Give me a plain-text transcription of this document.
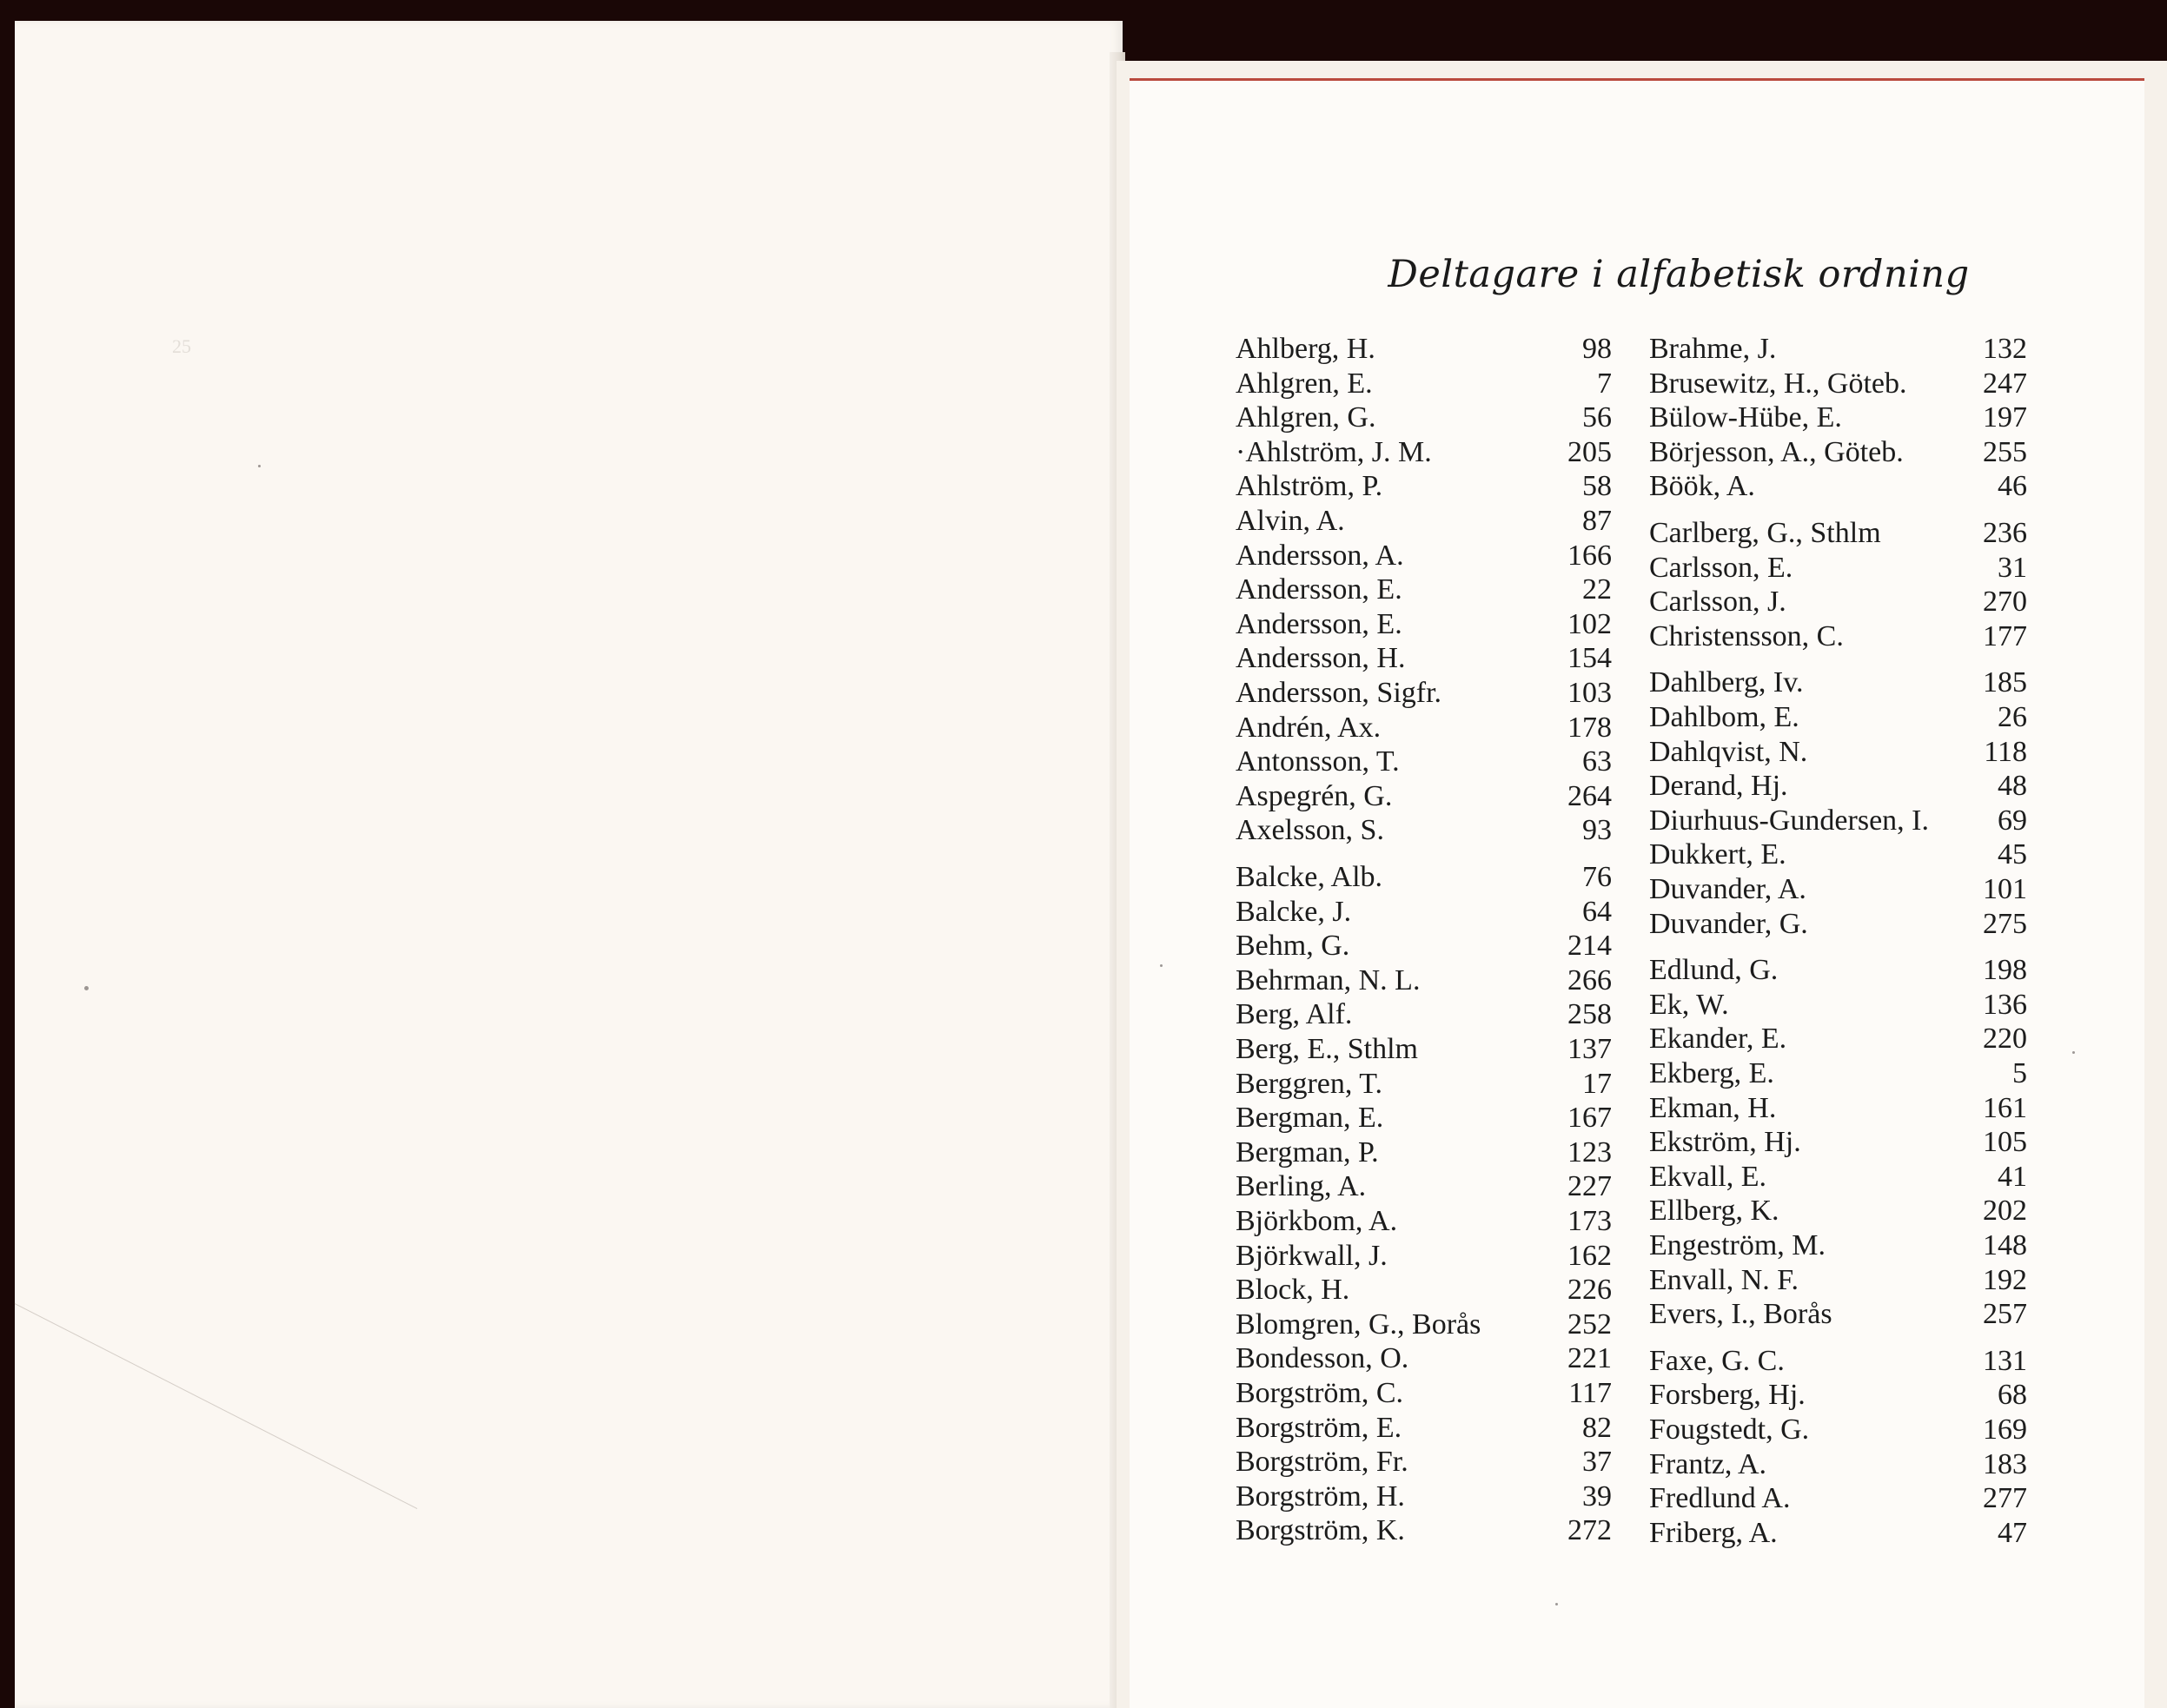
25
Deltagare i alfabetisk ordning
Ahlberg, H.	98
Ahlgren, E.	7
Ahlgren, G.	56
·Ahlström, J. M.	205
Ahlström, P.	58
Alvin, A.	87
Andersson, A.	166
Andersson, E.	22
Andersson, E.	102
Andersson, H.	154
Andersson, Sigfr.	103
Andrén, Ax.	178
Antonsson, T.	63
Aspegrén, G.	264
Axelsson, S.	93
Balcke, Alb.	76
Balcke, J.	64
Behm, G.	214
Behrman, N. L.	266
Berg, Alf.	258
Berg, E., Sthlm	137
Berggren, T.	17
Bergman, E.	167
Bergman, P.	123
Berling, A.	227
Björkbom, A.	173
Björkwall, J.	162
Block, H.	226
Blomgren, G., Borås	252
Bondesson, O.	221
Borgström, C.	117
Borgström, E.	82
Borgström, Fr.	37
Borgström, H.	39
Borgström, K.	272
Brahme, J.	132
Brusewitz, H., Göteb.	247
Bülow-Hübe, E.	197
Börjesson, A., Göteb.	255
Böök, A.	46
Carlberg, G., Sthlm	236
Carlsson, E.	31
Carlsson, J.	270
Christensson, C.	177
Dahlberg, Iv.	185
Dahlbom, E.	26
Dahlqvist, N.	118
Derand, Hj.	48
Diurhuus-Gundersen, I. 69
Dukkert, E.	45
Duvander, A.	101
Duvander, G.	275
Edlund, G.	198
Ek, W.	136
Ekander, E.	220
Ekberg, E.	5
Ekman, H.	161
Ekström, Hj.	105
Ekvall, E.	41
Ellberg, K.	202
Engeström, M.	148
Envall, N. F.	192
Evers, I., Borås	257
Faxe, G. C.	131
Forsberg, Hj.	68
Fougstedt, G.	169
Frantz, A.	183
Fredlund A.	277
Friberg, A.	47
